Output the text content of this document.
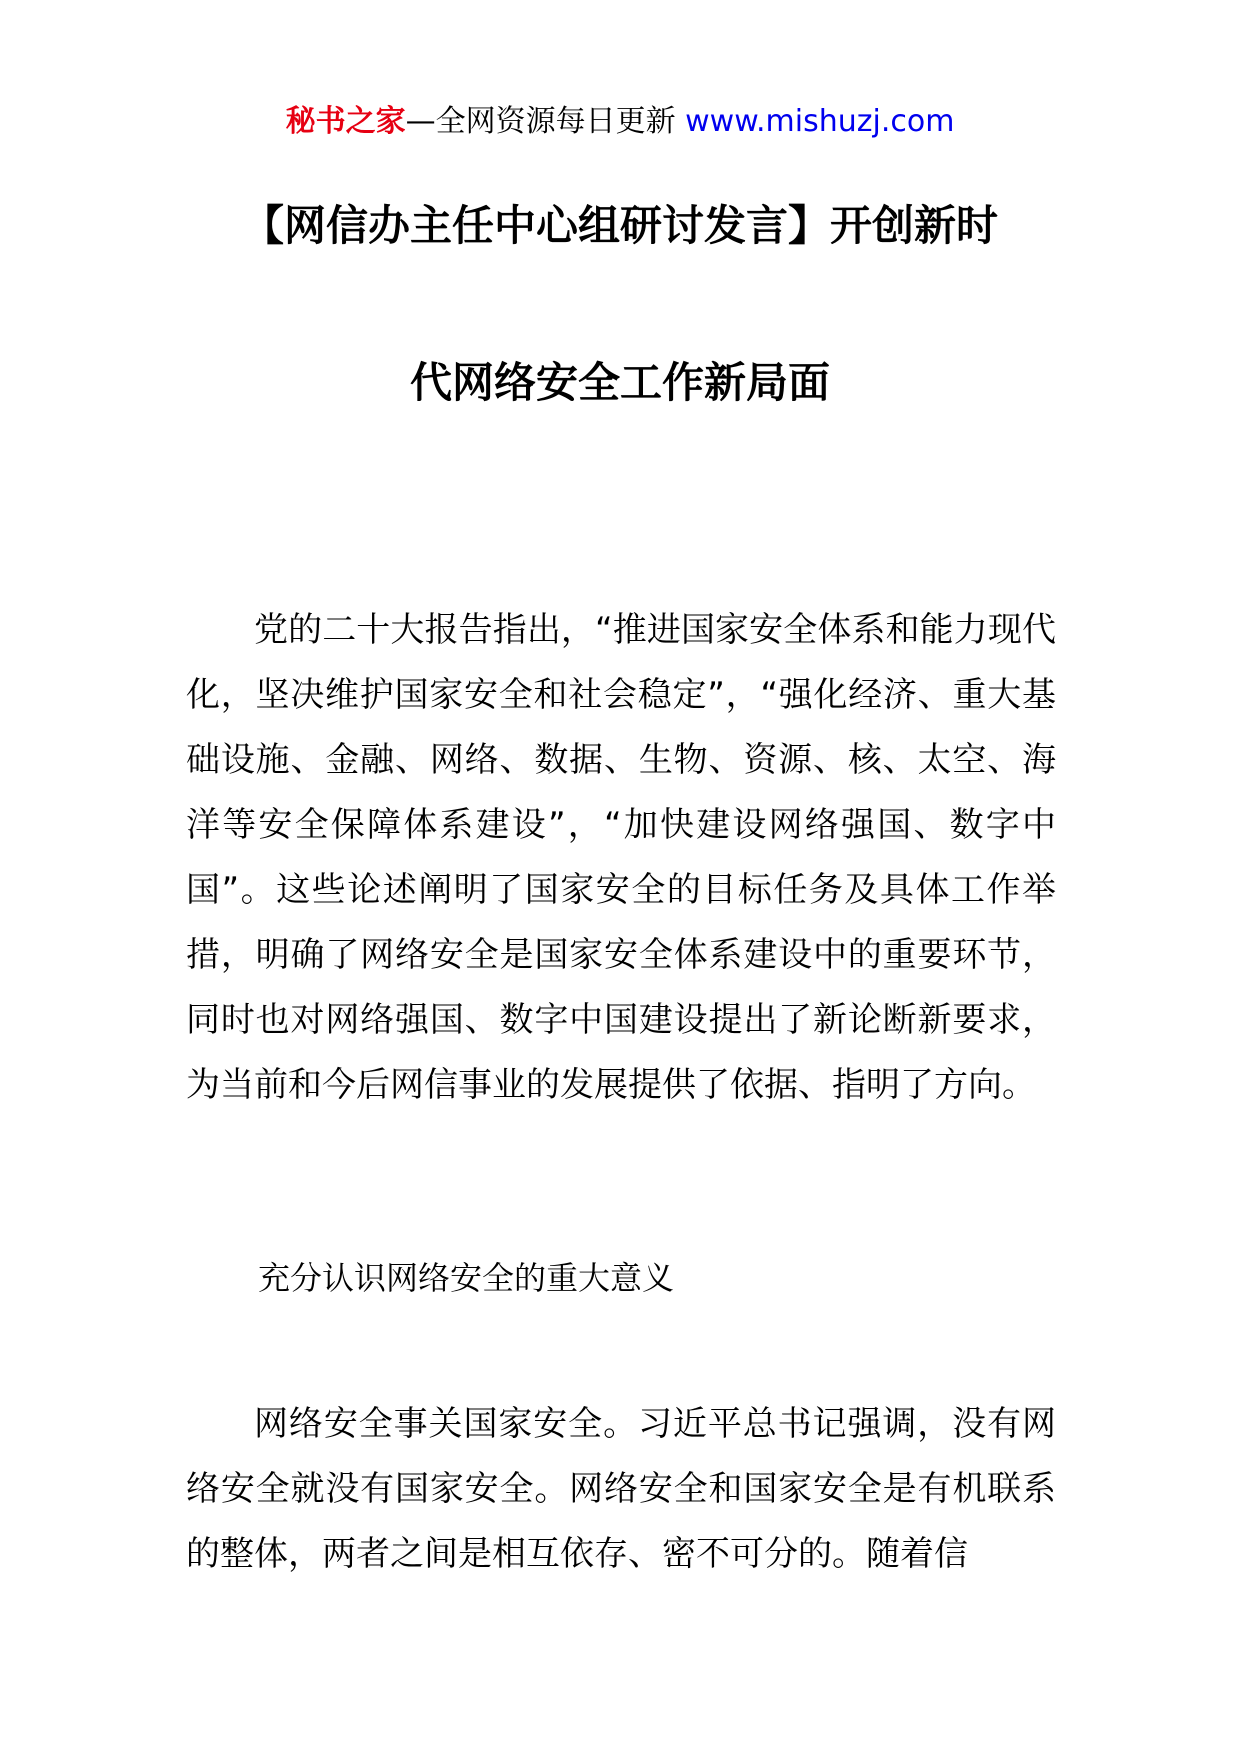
秘书之家—全网资源每日更新 www.mishuzj.com
【网信办主任中心组研讨发言】开创新时
代网络安全工作新局面

党的二十大报告指出，“推进国家安全体系和能力现代化，坚决维护国家安全和社会稳定”，“强化经济、重大基础设施、金融、网络、数据、生物、资源、核、太空、海洋等安全保障体系建设”，“加快建设网络强国、数字中国”。这些论述阐明了国家安全的目标任务及具体工作举措，明确了网络安全是国家安全体系建设中的重要环节，同时也对网络强国、数字中国建设提出了新论断新要求，为当前和今后网信事业的发展提供了依据、指明了方向。

充分认识网络安全的重大意义

网络安全事关国家安全。习近平总书记强调，没有网络安全就没有国家安全。网络安全和国家安全是有机联系的整体，两者之间是相互依存、密不可分的。随着信
